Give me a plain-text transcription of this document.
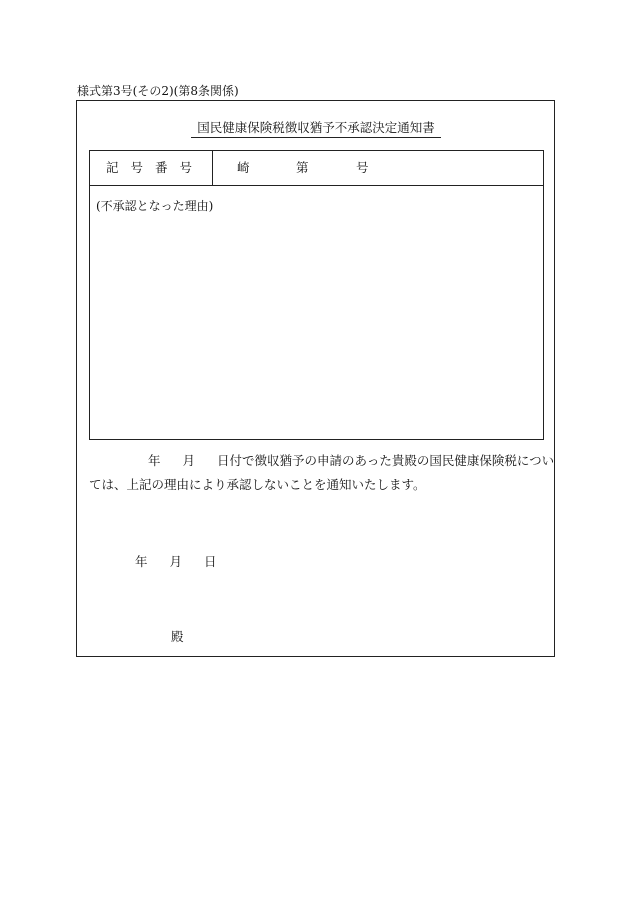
様式第3号(その2)(第8条関係)
国民健康保険税徴収猶予不承認決定通知書
記号番号	崎	第	号
(不承認となった理由)
年 月 日付で徴収猶予の申請のあった貴殿の国民健康保険税につい
ては、上記の理由により承認しないことを通知いたします。
年 月 日
殿
